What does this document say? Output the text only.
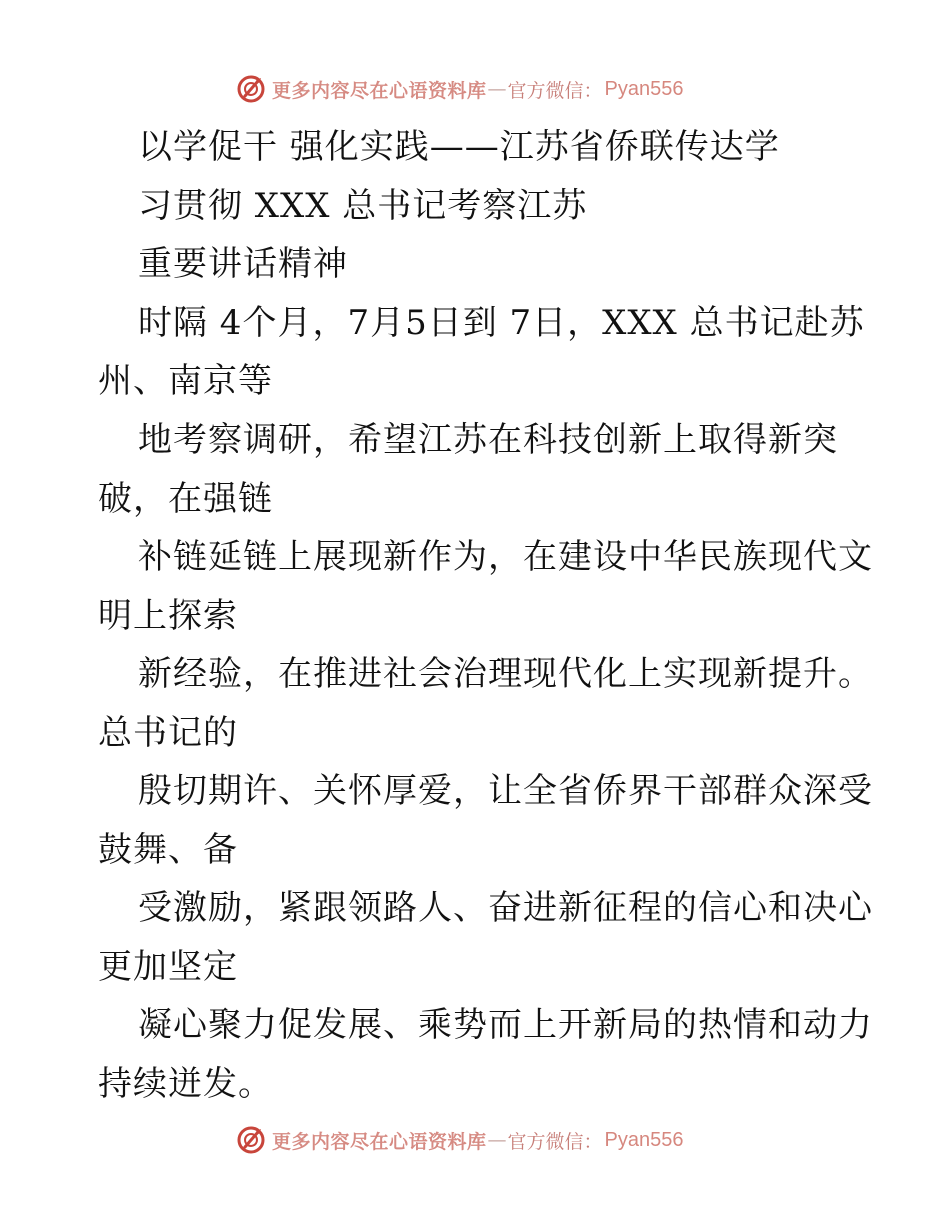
更多内容尽在心语资料库 — 官方微信： Pyan556
以学促干 强化实践——江苏省侨联传达学
习贯彻 XXX 总书记考察江苏
重要讲话精神
时隔 4个月，7月5日到 7日，XXX 总书记赴苏
州、南京等
地考察调研，希望江苏在科技创新上取得新突
破，在强链
补链延链上展现新作为，在建设中华民族现代文
明上探索
新经验，在推进社会治理现代化上实现新提升。
总书记的
殷切期许、关怀厚爱，让全省侨界干部群众深受
鼓舞、备
受激励，紧跟领路人、奋进新征程的信心和决心
更加坚定
凝心聚力促发展、乘势而上开新局的热情和动力
持续迸发。
更多内容尽在心语资料库 — 官方微信： Pyan556
